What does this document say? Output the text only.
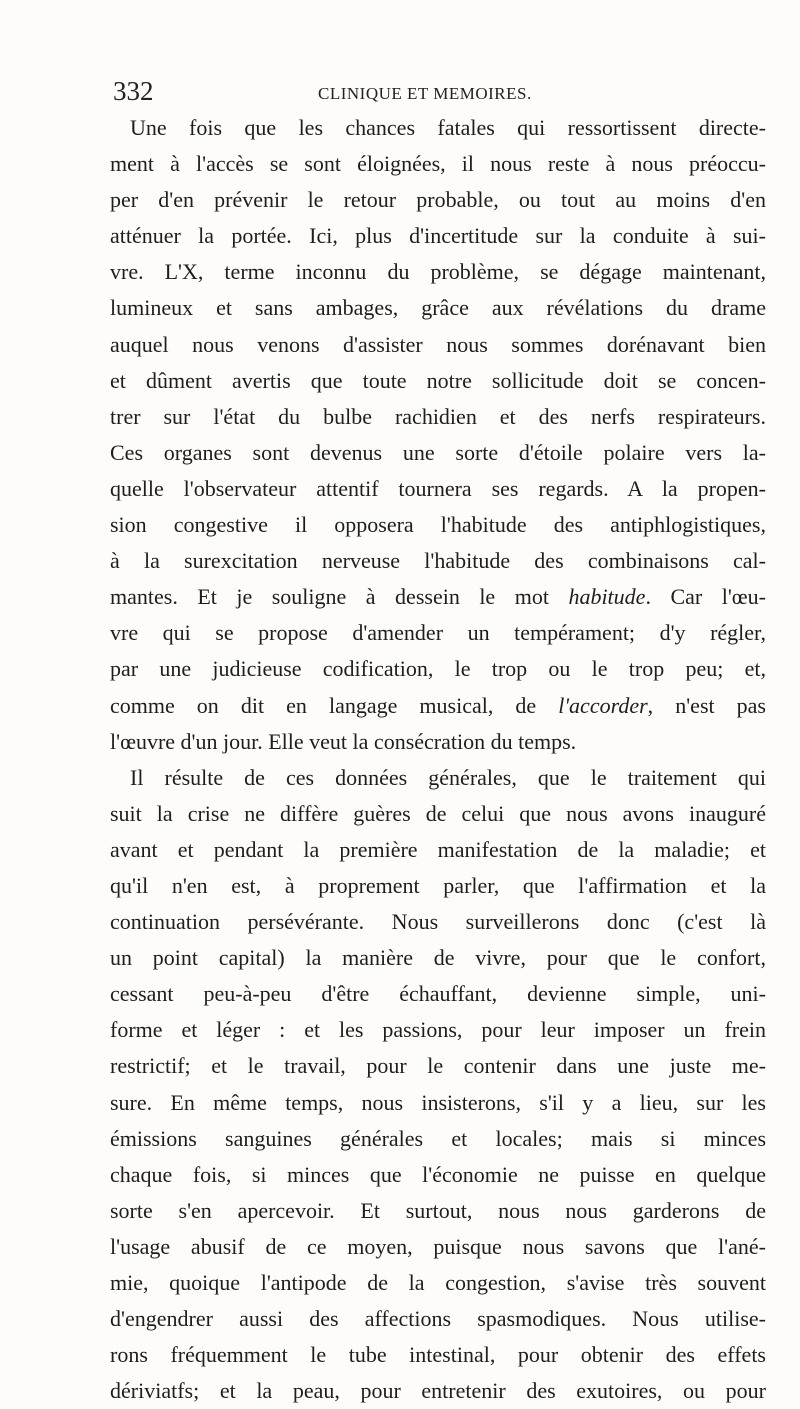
332	CLINIQUE ET MEMOIRES.
Une fois que les chances fatales qui ressortissent directe-
ment à l'accès se sont éloignées, il nous reste à nous préoccu-
per d'en prévenir le retour probable, ou tout au moins d'en
atténuer la portée. Ici, plus d'incertitude sur la conduite à sui-
vre. L'X, terme inconnu du problème, se dégage maintenant,
lumineux et sans ambages, grâce aux révélations du drame
auquel nous venons d'assister nous sommes dorénavant bien
et dûment avertis que toute notre sollicitude doit se concen-
trer sur l'état du bulbe rachidien et des nerfs respirateurs.
Ces organes sont devenus une sorte d'étoile polaire vers la-
quelle l'observateur attentif tournera ses regards. A la propen-
sion congestive il opposera l'habitude des antiphlogistiques,
à la surexcitation nerveuse l'habitude des combinaisons cal-
mantes. Et je souligne à dessein le mot habitude. Car l'œu-
vre qui se propose d'amender un tempérament; d'y régler,
par une judicieuse codification, le trop ou le trop peu; et,
comme on dit en langage musical, de l'accorder, n'est pas
l'œuvre d'un jour. Elle veut la consécration du temps.
Il résulte de ces données générales, que le traitement qui
suit la crise ne diffère guères de celui que nous avons inauguré
avant et pendant la première manifestation de la maladie; et
qu'il n'en est, à proprement parler, que l'affirmation et la
continuation persévérante. Nous surveillerons donc (c'est là
un point capital) la manière de vivre, pour que le confort,
cessant peu-à-peu d'être échauffant, devienne simple, uni-
forme et léger : et les passions, pour leur imposer un frein
restrictif; et le travail, pour le contenir dans une juste me-
sure. En même temps, nous insisterons, s'il y a lieu, sur les
émissions sanguines générales et locales; mais si minces
chaque fois, si minces que l'économie ne puisse en quelque
sorte s'en apercevoir. Et surtout, nous nous garderons de
l'usage abusif de ce moyen, puisque nous savons que l'ané-
mie, quoique l'antipode de la congestion, s'avise très souvent
d'engendrer aussi des affections spasmodiques. Nous utilise-
rons fréquemment le tube intestinal, pour obtenir des effets
dériviatfs; et la peau, pour entretenir des exutoires, ou pour
